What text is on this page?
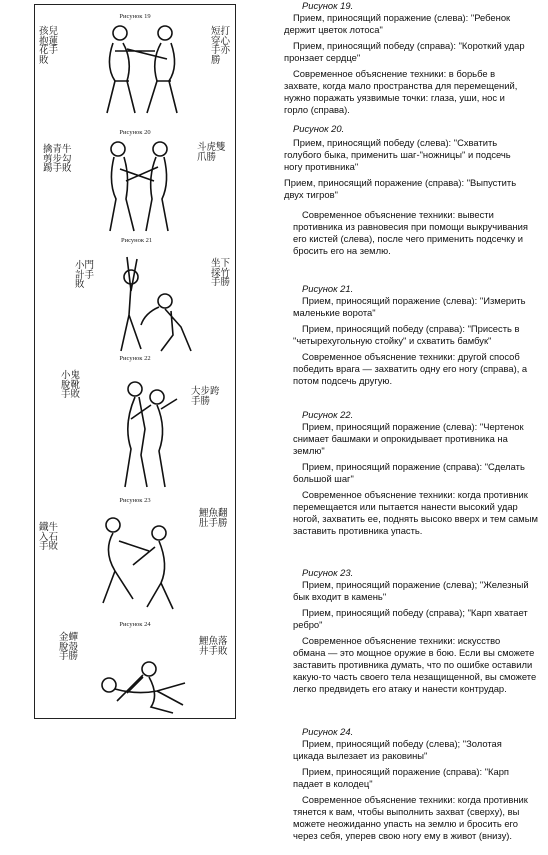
Рисунок 19
孩兒抱蓮花手敗
短打穿心手亦勝
Рисунок 20
擒青牛剪步勾踢手敗
斗虎雙爪勝
Рисунок 21
小門計手敗
坐下採竹手勝
Рисунок 22
小鬼脫靴手敗	大步跨手勝
Рисунок 23
鐵牛入石手敗
鯉魚翻肚手勝
Рисунок 24
金蟬脫殼手勝
鯉魚落井手敗
Рисунок 19.
Прием, приносящий поражение (слева): "Ребенок
держит цветок лотоса"
Прием, приносящий победу (справа): "Короткий удар
пронзает сердце"
Современное объяснение техники: в борьбе в
захвате, когда мало пространства для перемещений,
нужно поражать уязвимые точки: глаза, уши, нос и
горло (справа).
Рисунок 20.
Прием, приносящий победу (слева): "Схватить
голубого быка, применить шаг-"ножницы" и подсечь
ногу противника"
Прием, приносящий поражение (справа): "Выпустить
двух тигров"
Современное объяснение техники: вывести
противника из равновесия при помощи выкручивания
его кистей (слева), после чего применить подсечку и
бросить его на землю.
Рисунок 21.
Прием, приносящий поражение (слева): "Измерить
маленькие ворота"
Прием, приносящий победу (справа): "Присесть в
"четырехугольную стойку" и схватить бамбук"
Современное объяснение техники: другой способ
победить врага — захватить одну его ногу (справа), а
потом подсечь другую.
Рисунок 22.
Прием, приносящий поражение (слева): "Чертенок
снимает башмаки и опрокидывает противника на
землю"
Прием, приносящий поражение (справа): "Сделать
большой шаг"
Современное объяснение техники: когда противник
перемещается или пытается нанести высокий удар
ногой, захватить ее, поднять высоко вверх и тем самым
заставить противника упасть.
Рисунок 23.
Прием, приносящий поражение (слева); "Железный
бык входит в камень"
Прием, приносящий победу (справа); "Карп хватает
ребро"
Современное объяснение техники: искусство
обмана — это мощное оружие в бою. Если вы сможете
заставить противника думать, что по ошибке оставили
какую-то часть своего тела незащищенной, вы сможете
легко предвидеть его атаку и нанести контрудар.
Рисунок 24.
Прием, приносящий победу (слева); "Золотая
цикада вылезает из раковины"
Прием, приносящий поражение (справа): "Карп
падает в колодец"
Современное объяснение техники: когда противник
тянется к вам, чтобы выполнить захват (сверху), вы
можете неожиданно упасть на землю и бросить его
через себя, уперев свою ногу ему в живот (внизу).
